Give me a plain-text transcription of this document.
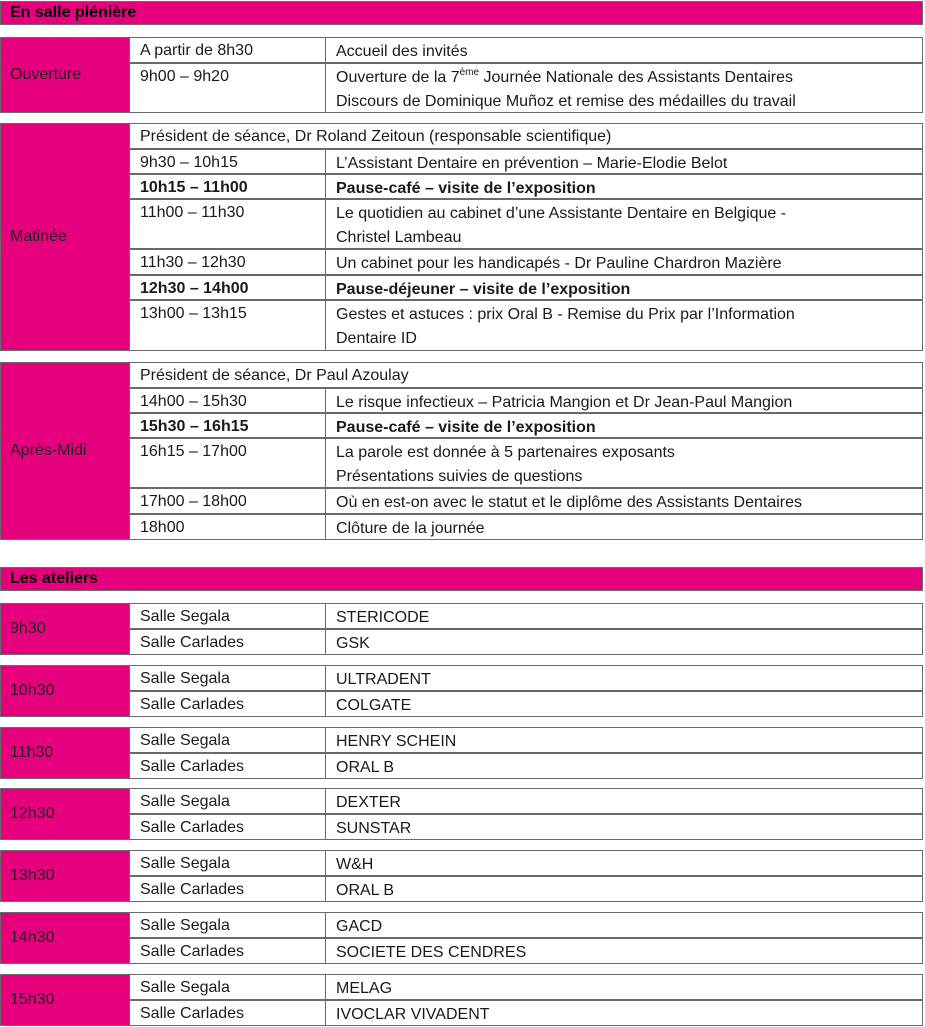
En salle plénière
Ouverture
A partir de 8h30	Accueil des invités
9h00 – 9h20	Ouverture de la 7ème Journée Nationale des Assistants Dentaires
Discours de Dominique Muñoz et remise des médailles du travail
Matinée
Président de séance, Dr Roland Zeitoun (responsable scientifique)
9h30 – 10h15	L’Assistant Dentaire en prévention – Marie-Elodie Belot
10h15 – 11h00	Pause-café – visite de l’exposition
11h00 – 11h30	Le quotidien au cabinet d’une Assistante Dentaire en Belgique -
Christel Lambeau
11h30 – 12h30	Un cabinet pour les handicapés - Dr Pauline Chardron Mazière
12h30 – 14h00	Pause-déjeuner – visite de l’exposition
13h00 – 13h15	Gestes et astuces : prix Oral B - Remise du Prix par l’Information
Dentaire ID
Après-Midi
Président de séance, Dr Paul Azoulay
14h00 – 15h30	Le risque infectieux – Patricia Mangion et Dr Jean-Paul Mangion
15h30 – 16h15	Pause-café – visite de l’exposition
16h15 – 17h00	La parole est donnée à 5 partenaires exposants
Présentations suivies de questions
17h00 – 18h00	Où en est-on avec le statut et le diplôme des Assistants Dentaires
18h00	Clôture de la journée
Les ateliers
9h30
Salle Segala	STERICODE
Salle Carlades	GSK
10h30
Salle Segala	ULTRADENT
Salle Carlades	COLGATE
11h30
Salle Segala	HENRY SCHEIN
Salle Carlades	ORAL B
12h30
Salle Segala	DEXTER
Salle Carlades	SUNSTAR
13h30
Salle Segala	W&H
Salle Carlades	ORAL B
14h30
Salle Segala	GACD
Salle Carlades	SOCIETE DES CENDRES
15h30
Salle Segala	MELAG
Salle Carlades	IVOCLAR VIVADENT
